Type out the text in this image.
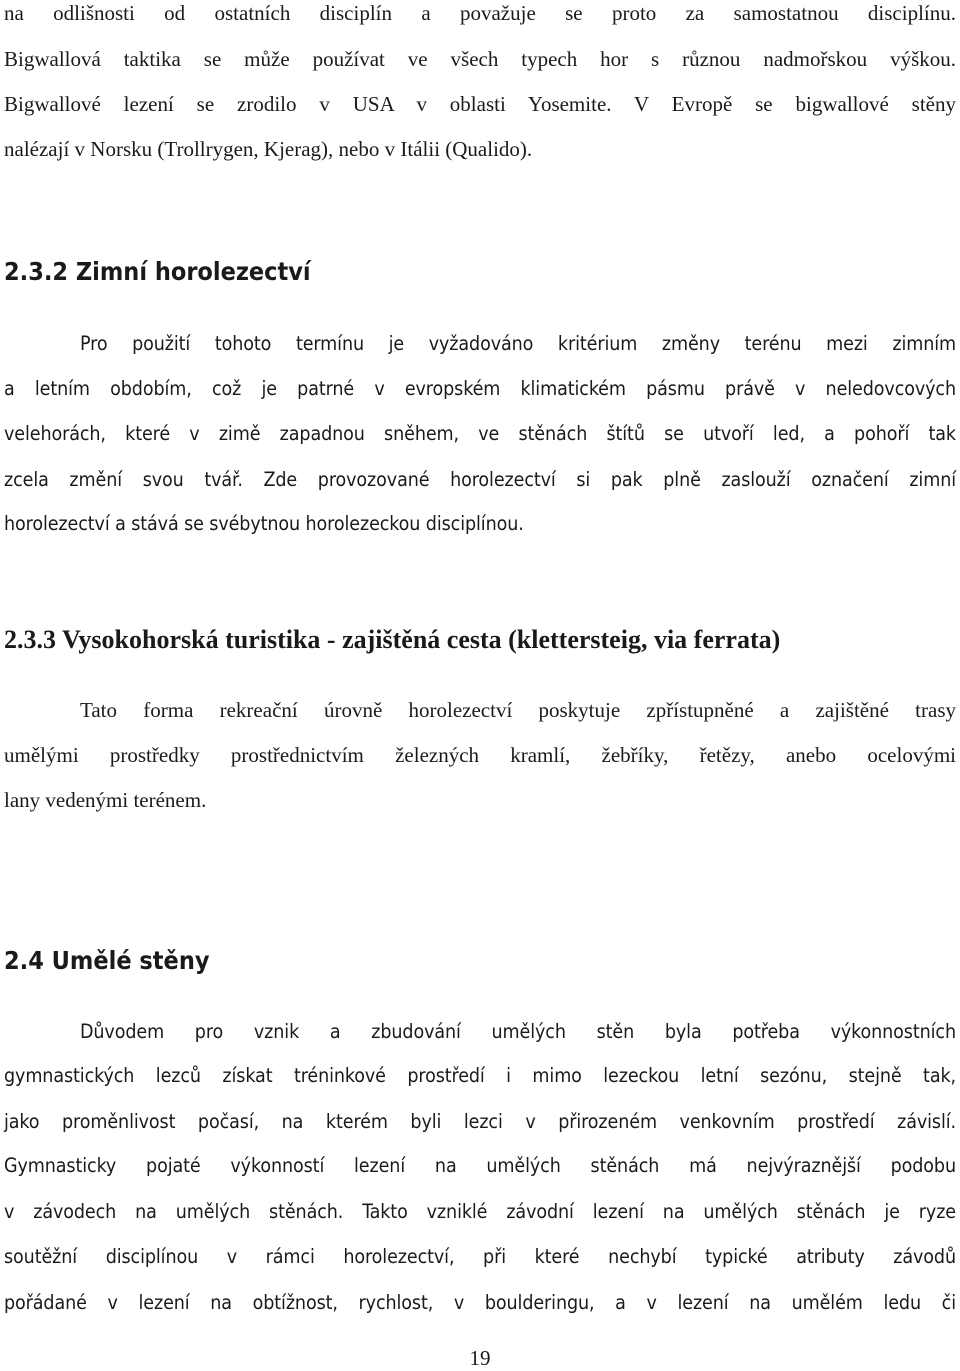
na odlišnosti od ostatních disciplín a považuje se proto za samostatnou disciplínu.
Bigwallová taktika se může používat ve všech typech hor s různou nadmořskou výškou.
Bigwallové lezení se zrodilo v USA v oblasti Yosemite. V Evropě se bigwallové stěny
nalézají v Norsku (Trollrygen, Kjerag), nebo v Itálii (Qualido).
2.3.2 Zimní horolezectví
Pro použití tohoto termínu je vyžadováno kritérium změny terénu mezi zimním
a letním obdobím, což je patrné v evropském klimatickém pásmu právě v neledovcových
velehorách, které v zimě zapadnou sněhem, ve stěnách štítů se utvoří led, a pohoří tak
zcela změní svou tvář. Zde provozované horolezectví si pak plně zaslouží označení zimní
horolezectví a stává se svébytnou horolezeckou disciplínou.
2.3.3 Vysokohorská turistika - zajištěná cesta (klettersteig, via ferrata)
Tato forma rekreační úrovně horolezectví poskytuje zpřístupněné a zajištěné trasy
umělými prostředky prostřednictvím železných kramlí, žebříky, řetězy, anebo ocelovými
lany vedenými terénem.
2.4 Umělé stěny
Důvodem pro vznik a zbudování umělých stěn byla potřeba výkonnostních
gymnastických lezců získat tréninkové prostředí i mimo lezeckou letní sezónu, stejně tak,
jako proměnlivost počasí, na kterém byli lezci v přirozeném venkovním prostředí závislí.
Gymnasticky pojaté výkonností lezení na umělých stěnách má nejvýraznější podobu
v závodech na umělých stěnách. Takto vzniklé závodní lezení na umělých stěnách je ryze
soutěžní disciplínou v rámci horolezectví, při které nechybí typické atributy závodů
pořádané v lezení na obtížnost, rychlost, v boulderingu, a v lezení na umělém ledu či
19
